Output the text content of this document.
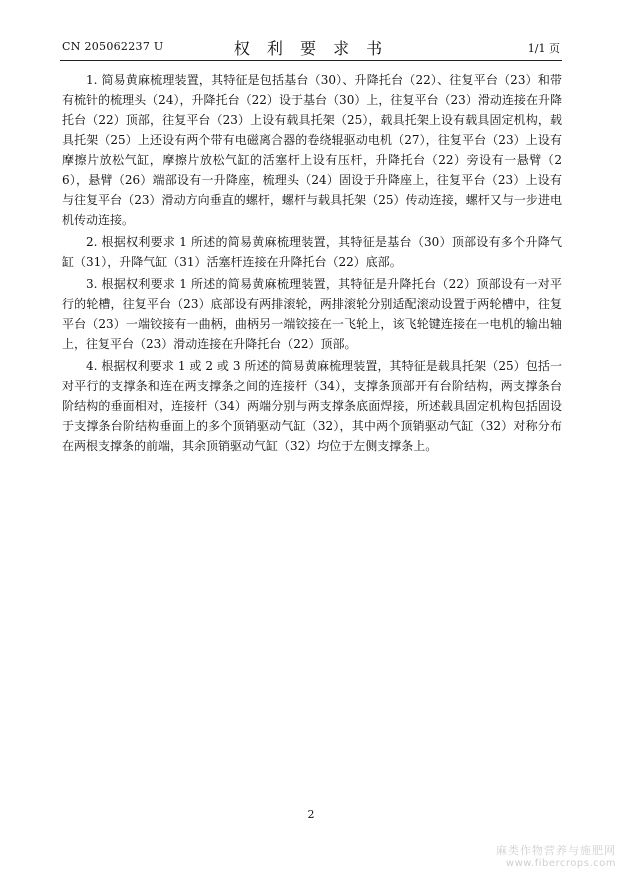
CN 205062237 U	权 利 要 求 书	1/1 页

1. 简易黄麻梳理装置，其特征是包括基台（30）、升降托台（22）、往复平台（23）和带有梳针的梳理头（24），升降托台（22）设于基台（30）上，往复平台（23）滑动连接在升降托台（22）顶部，往复平台（23）上设有载具托架（25），载具托架上设有载具固定机构，载具托架（25）上还设有两个带有电磁离合器的卷绕辊驱动电机（27），往复平台（23）上设有摩擦片放松气缸，摩擦片放松气缸的活塞杆上设有压杆，升降托台（22）旁设有一悬臂（26），悬臂（26）端部设有一升降座，梳理头（24）固设于升降座上，往复平台（23）上设有与往复平台（23）滑动方向垂直的螺杆，螺杆与载具托架（25）传动连接，螺杆又与一步进电机传动连接。

2. 根据权利要求 1 所述的简易黄麻梳理装置，其特征是基台（30）顶部设有多个升降气缸（31），升降气缸（31）活塞杆连接在升降托台（22）底部。

3. 根据权利要求 1 所述的简易黄麻梳理装置，其特征是升降托台（22）顶部设有一对平行的轮槽，往复平台（23）底部设有两排滚轮，两排滚轮分别适配滚动设置于两轮槽中，往复平台（23）一端铰接有一曲柄，曲柄另一端铰接在一飞轮上，该飞轮键连接在一电机的输出轴上，往复平台（23）滑动连接在升降托台（22）顶部。

4. 根据权利要求 1 或 2 或 3 所述的简易黄麻梳理装置，其特征是载具托架（25）包括一对平行的支撑条和连在两支撑条之间的连接杆（34），支撑条顶部开有台阶结构，两支撑条台阶结构的垂面相对，连接杆（34）两端分别与两支撑条底面焊接，所述载具固定机构包括固设于支撑条台阶结构垂面上的多个顶销驱动气缸（32），其中两个顶销驱动气缸（32）对称分布在两根支撑条的前端，其余顶销驱动气缸（32）均位于左侧支撑条上。

2
麻类作物营养与施肥网
www.fibercrops.com
